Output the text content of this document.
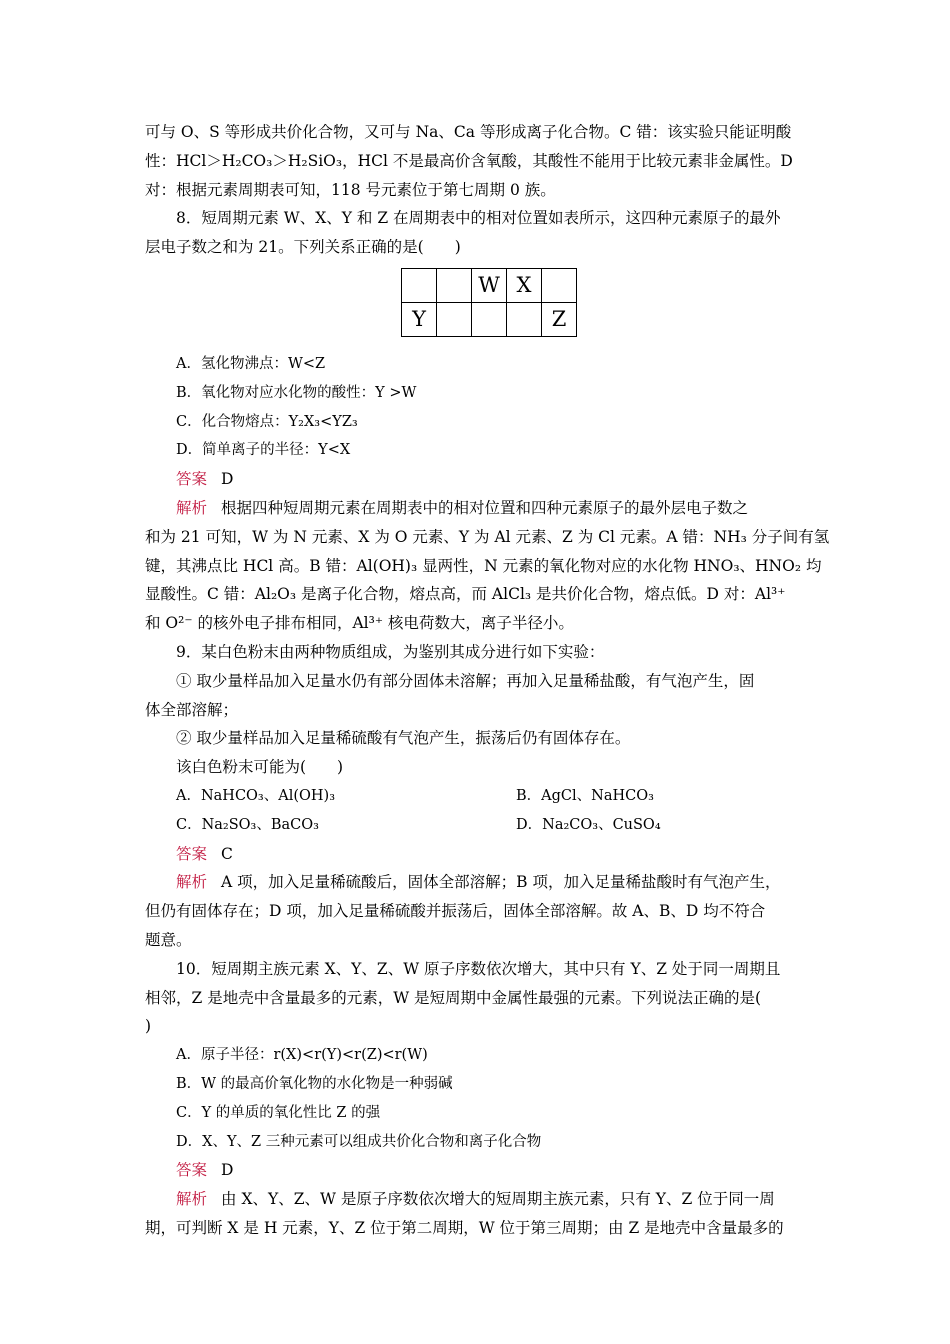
可与 O、S 等形成共价化合物，又可与 Na、Ca 等形成离子化合物。C 错：该实验只能证明酸
性：HCl＞H₂CO₃＞H₂SiO₃，HCl 不是最高价含氧酸，其酸性不能用于比较元素非金属性。D
对：根据元素周期表可知，118 号元素位于第七周期 0 族。
8．短周期元素 W、X、Y 和 Z 在周期表中的相对位置如表所示，这四种元素原子的最外
层电子数之和为 21。下列关系正确的是(　　)
		W	X	
Y				Z
A．氢化物沸点：W<Z
B．氧化物对应水化物的酸性：Y >W
C．化合物熔点：Y₂X₃<YZ₃
D．简单离子的半径：Y<X
答案 D
解析 根据四种短周期元素在周期表中的相对位置和四种元素原子的最外层电子数之
和为 21 可知，W 为 N 元素、X 为 O 元素、Y 为 Al 元素、Z 为 Cl 元素。A 错：NH₃ 分子间有氢
键，其沸点比 HCl 高。B 错：Al(OH)₃ 显两性，N 元素的氧化物对应的水化物 HNO₃、HNO₂ 均
显酸性。C 错：Al₂O₃ 是离子化合物，熔点高，而 AlCl₃ 是共价化合物，熔点低。D 对：Al³⁺
和 O²⁻ 的核外电子排布相同，Al³⁺ 核电荷数大，离子半径小。
9．某白色粉末由两种物质组成，为鉴别其成分进行如下实验：
① 取少量样品加入足量水仍有部分固体未溶解；再加入足量稀盐酸，有气泡产生，固
体全部溶解；
② 取少量样品加入足量稀硫酸有气泡产生，振荡后仍有固体存在。
该白色粉末可能为(　　)
A．NaHCO₃、Al(OH)₃	B．AgCl、NaHCO₃
C．Na₂SO₃、BaCO₃	D．Na₂CO₃、CuSO₄
答案 C
解析 A 项，加入足量稀硫酸后，固体全部溶解；B 项，加入足量稀盐酸时有气泡产生，
但仍有固体存在；D 项，加入足量稀硫酸并振荡后，固体全部溶解。故 A、B、D 均不符合
题意。
10．短周期主族元素 X、Y、Z、W 原子序数依次增大，其中只有 Y、Z 处于同一周期且
相邻，Z 是地壳中含量最多的元素，W 是短周期中金属性最强的元素。下列说法正确的是(
)
A．原子半径：r(X)<r(Y)<r(Z)<r(W)
B．W 的最高价氧化物的水化物是一种弱碱
C．Y 的单质的氧化性比 Z 的强
D．X、Y、Z 三种元素可以组成共价化合物和离子化合物
答案 D
解析 由 X、Y、Z、W 是原子序数依次增大的短周期主族元素，只有 Y、Z 位于同一周
期，可判断 X 是 H 元素，Y、Z 位于第二周期，W 位于第三周期；由 Z 是地壳中含量最多的
